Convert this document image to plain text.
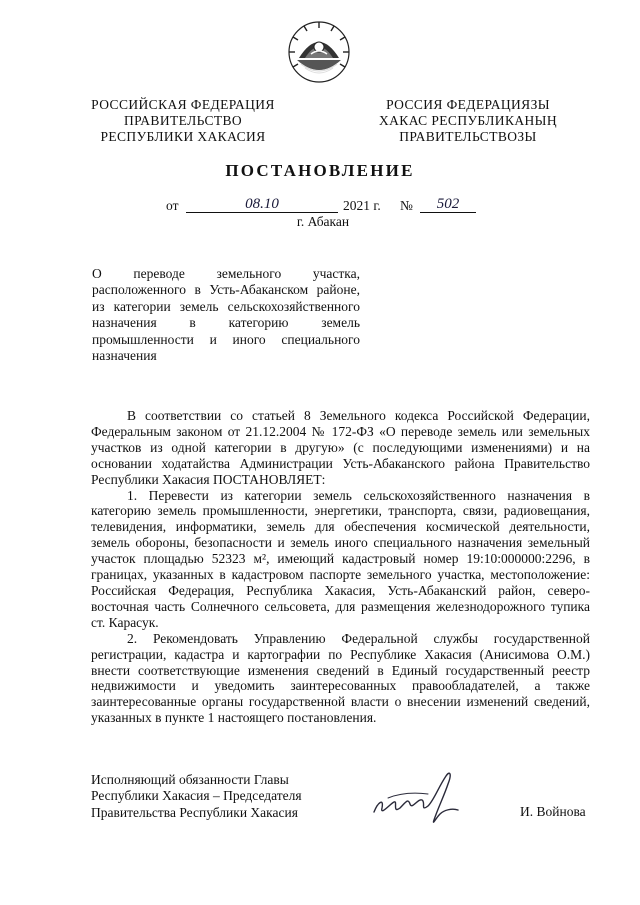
РОССИЙСКАЯ ФЕДЕРАЦИЯ
ПРАВИТЕЛЬСТВО
РЕСПУБЛИКИ ХАКАСИЯ
РОССИЯ ФЕДЕРАЦИЯЗЫ
ХАКАС РЕСПУБЛИКАНЫҢ
ПРАВИТЕЛЬСТВОЗЫ
ПОСТАНОВЛЕНИЕ
от	08.10	2021 г. №	502
г. Абакан
О переводе земельного участка, расположенного в Усть-Абаканском районе, из категории земель сельскохозяйственного назначения в категорию земель промышленности и иного специального назначения

В соответствии со статьей 8 Земельного кодекса Российской Федерации, Федеральным законом от 21.12.2004 № 172-ФЗ «О переводе земель или земельных участков из одной категории в другую» (с последующими изменениями) и на основании ходатайства Администрации Усть-Абаканского района Правительство Республики Хакасия ПОСТАНОВЛЯЕТ:

1. Перевести из категории земель сельскохозяйственного назначения в категорию земель промышленности, энергетики, транспорта, связи, радиовещания, телевидения, информатики, земель для обеспечения космической деятельности, земель обороны, безопасности и земель иного специального назначения земельный участок площадью 52323 м², имеющий кадастровый номер 19:10:000000:2296, в границах, указанных в кадастровом паспорте земельного участка, местоположение: Российская Федерация, Республика Хакасия, Усть-Абаканский район, северо-восточная часть Солнечного сельсовета, для размещения железнодорожного тупика ст. Карасук.

2. Рекомендовать Управлению Федеральной службы государственной регистрации, кадастра и картографии по Республике Хакасия (Анисимова О.М.) внести соответствующие изменения сведений в Единый государственный реестр недвижимости и уведомить заинтересованных правообладателей, а также заинтересованные органы государственной власти о внесении изменений сведений, указанных в пункте 1 настоящего постановления.

Исполняющий обязанности Главы
Республики Хакасия – Председателя
Правительства Республики Хакасия	И. Войнова
